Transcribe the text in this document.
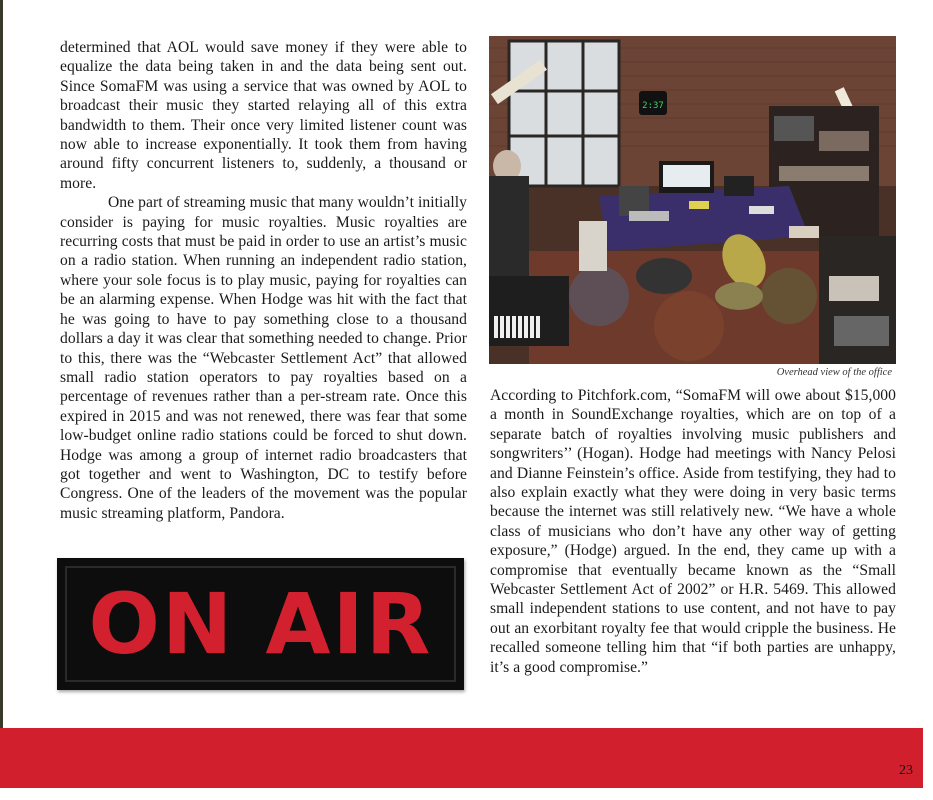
determined that AOL would save money if they were able to equalize the data being taken in and the data being sent out. Since SomaFM was using a service that was owned by AOL to broadcast their music they started relaying all of this extra bandwidth to them. Their once very limited listener count was now able to increase exponentially. It took them from having around fifty concurrent listeners to, suddenly, a thousand or more.

One part of streaming music that many wouldn’t initially consider is paying for music royalties. Music royalties are recurring costs that must be paid in order to use an artist’s music on a radio station. When running an independent radio station, where your sole focus is to play music, paying for royalties can be an alarming expense. When Hodge was hit with the fact that he was going to have to pay something close to a thousand dollars a day it was clear that something needed to change. Prior to this, there was the “Webcaster Settlement Act” that allowed small radio station operators to pay royalties based on a percentage of revenues rather than a per-stream rate. Once this expired in 2015 and was not renewed, there was fear that some low-budget online radio stations could be forced to shut down. Hodge was among a group of internet radio broadcasters that got together and went to Washington, DC to testify before Congress. One of the leaders of the movement was the popular music streaming platform, Pandora.

2:37
Overhead view of the office

According to Pitchfork.com, “SomaFM will owe about $15,000 a month in SoundExchange royalties, which are on top of a separate batch of royalties involving music publishers and songwriters’’ (Hogan). Hodge had meetings with Nancy Pelosi and Dianne Feinstein’s office. Aside from testifying, they had to also explain exactly what they were doing in very basic terms because the internet was still relatively new. “We have a whole class of musicians who don’t have any other way of getting exposure,” (Hodge) argued. In the end, they came up with a compromise that eventually became known as the “Small Webcaster Settlement Act of 2002” or H.R. 5469. This allowed small independent stations to use content, and not have to pay out an exorbitant royalty fee that would cripple the business. He recalled someone telling him that “if both parties are unhappy, it’s a good compromise.”

ON AIR
23
